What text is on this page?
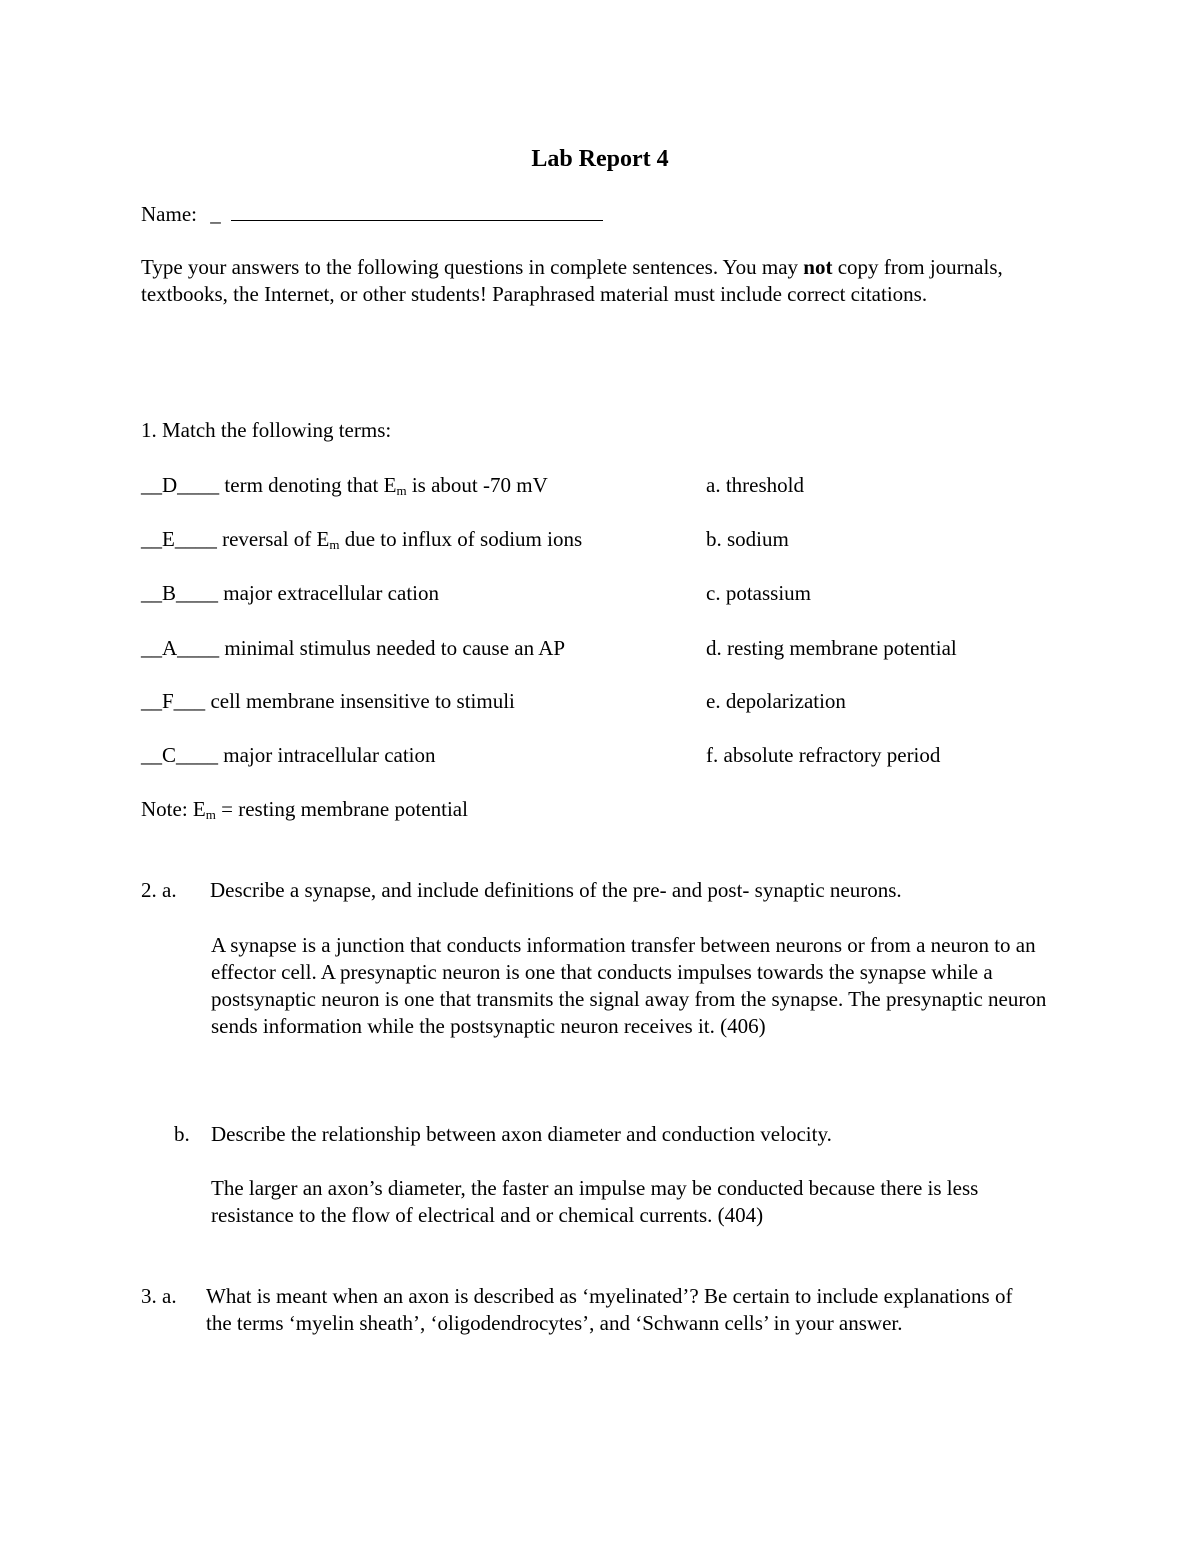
Lab Report 4
Name: _
Type your answers to the following questions in complete sentences. You may not copy from journals, textbooks, the Internet, or other students! Paraphrased material must include correct citations.
1. Match the following terms:
__D____ term denoting that $E_m$ is about -70 mV	a. threshold
__E____ reversal of $E_m$ due to influx of sodium ions	b. sodium
__B____ major extracellular cation	c. potassium
__A____ minimal stimulus needed to cause an AP	d. resting membrane potential
__F___ cell membrane insensitive to stimuli	e. depolarization
__C____ major intracellular cation	f. absolute refractory period
Note: $E_m$ = resting membrane potential
2. a. Describe a synapse, and include definitions of the pre- and post- synaptic neurons.
A synapse is a junction that conducts information transfer between neurons or from a neuron to an effector cell. A presynaptic neuron is one that conducts impulses towards the synapse while a postsynaptic neuron is one that transmits the signal away from the synapse. The presynaptic neuron sends information while the postsynaptic neuron receives it. (406)
b. Describe the relationship between axon diameter and conduction velocity.
The larger an axon’s diameter, the faster an impulse may be conducted because there is less resistance to the flow of electrical and or chemical currents. (404)
3. a. What is meant when an axon is described as ‘myelinated’? Be certain to include explanations of the terms ‘myelin sheath’, ‘oligodendrocytes’, and ‘Schwann cells’ in your answer.
